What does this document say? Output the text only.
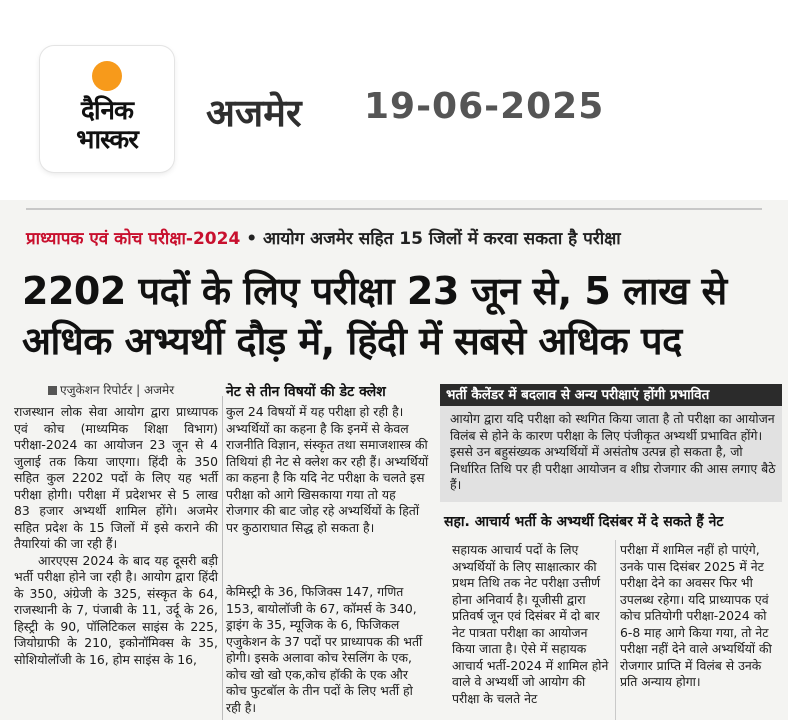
दैनिक
भास्कर
अजमेर 19-06-2025
प्राध्यापक एवं कोच परीक्षा-2024 • आयोग अजमेर सहित 15 जिलों में करवा सकता है परीक्षा
2202 पदों के लिए परीक्षा 23 जून से, 5 लाख से
अधिक अभ्यर्थी दौड़ में, हिंदी में सबसे अधिक पद
एजुकेशन रिपोर्टर | अजमेर
राजस्थान लोक सेवा आयोग द्वारा प्राध्यापक एवं कोच (माध्यमिक शिक्षा विभाग) परीक्षा-2024 का आयोजन 23 जून से 4 जुलाई तक किया जाएगा। हिंदी के 350 सहित कुल 2202 पदों के लिए यह भर्ती परीक्षा होगी। परीक्षा में प्रदेशभर से 5 लाख 83 हजार अभ्यर्थी शामिल होंगे। अजमेर सहित प्रदेश के 15 जिलों में इसे कराने की तैयारियां की जा रही हैं।
आरएएस 2024 के बाद यह दूसरी बड़ी भर्ती परीक्षा होने जा रही है। आयोग द्वारा हिंदी के 350, अंग्रेजी के 325, संस्कृत के 64, राजस्थानी के 7, पंजाबी के 11, उर्दू के 26, हिस्ट्री के 90, पॉलिटिकल साइंस के 225, जियोग्राफी के 210, इकोनॉमिक्स के 35, सोशियोलॉजी के 16, होम साइंस के 16,
नेट से तीन विषयों की डेट क्लेश
कुल 24 विषयों में यह परीक्षा हो रही है। अभ्यर्थियों का कहना है कि इनमें से केवल राजनीति विज्ञान, संस्कृत तथा समाजशास्त्र की तिथियां ही नेट से क्लेश कर रही हैं। अभ्यर्थियों का कहना है कि यदि नेट परीक्षा के चलते इस परीक्षा को आगे खिसकाया गया तो यह रोजगार की बाट जोह रहे अभ्यर्थियों के हितों पर कुठाराघात सिद्ध हो सकता है।
केमिस्ट्री के 36, फिजिक्स 147, गणित 153, बायोलॉजी के 67, कॉमर्स के 340, ड्राइंग के 35, म्यूजिक के 6, फिजिकल एजुकेशन के 37 पदों पर प्राध्यापक की भर्ती होगी। इसके अलावा कोच रेसलिंग के एक, कोच खो खो एक,कोच हॉकी के एक और कोच फुटबॉल के तीन पदों के लिए भर्ती हो रही है।
भर्ती कैलेंडर में बदलाव से अन्य परीक्षाएं होंगी प्रभावित
आयोग द्वारा यदि परीक्षा को स्थगित किया जाता है तो परीक्षा का आयोजन विलंब से होने के कारण परीक्षा के लिए पंजीकृत अभ्यर्थी प्रभावित होंगे। इससे उन बहुसंख्यक अभ्यर्थियों में असंतोष उत्पन्न हो सकता है, जो निर्धारित तिथि पर ही परीक्षा आयोजन व शीघ्र रोजगार की आस लगाए बैठे हैं।
सहा. आचार्य भर्ती के अभ्यर्थी दिसंबर में दे सकते हैं नेट
सहायक आचार्य पदों के लिए अभ्यर्थियों के लिए साक्षात्कार की प्रथम तिथि तक नेट परीक्षा उत्तीर्ण होना अनिवार्य है। यूजीसी द्वारा प्रतिवर्ष जून एवं दिसंबर में दो बार नेट पात्रता परीक्षा का आयोजन किया जाता है। ऐसे में सहायक आचार्य भर्ती-2024 में शामिल होने वाले वे अभ्यर्थी जो आयोग की परीक्षा के चलते नेट
परीक्षा में शामिल नहीं हो पाएंगे, उनके पास दिसंबर 2025 में नेट परीक्षा देने का अवसर फिर भी उपलब्ध रहेगा। यदि प्राध्यापक एवं कोच प्रतियोगी परीक्षा-2024 को 6-8 माह आगे किया गया, तो नेट परीक्षा नहीं देने वाले अभ्यर्थियों की रोजगार प्राप्ति में विलंब से उनके प्रति अन्याय होगा।
